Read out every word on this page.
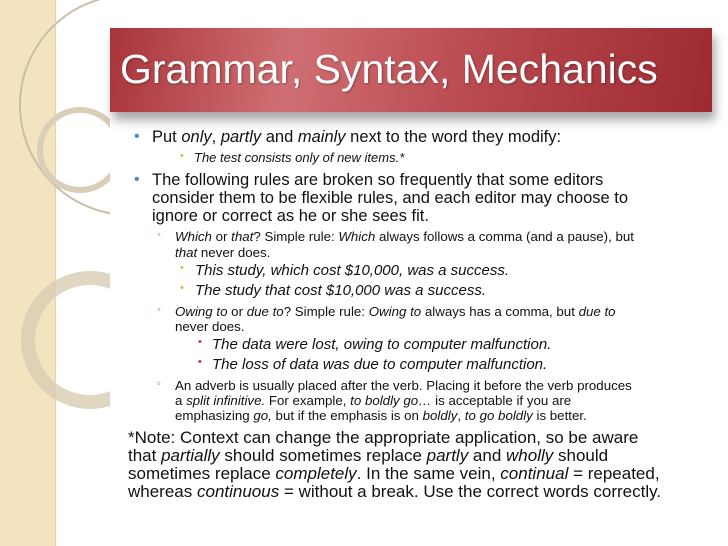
Grammar, Syntax, Mechanics
• Put only, partly and mainly next to the word they modify:
• The test consists only of new items.*
• The following rules are broken so frequently that some editors
consider them to be flexible rules, and each editor may choose to
ignore or correct as he or she sees fit.
◦ Which or that? Simple rule: Which always follows a comma (and a pause), but
that never does.
• This study, which cost $10,000, was a success.
• The study that cost $10,000 was a success.
◦ Owing to or due to? Simple rule: Owing to always has a comma, but due to
never does.
• The data were lost, owing to computer malfunction.
• The loss of data was due to computer malfunction.
◦ An adverb is usually placed after the verb. Placing it before the verb produces
a split infinitive. For example, to boldly go… is acceptable if you are
emphasizing go, but if the emphasis is on boldly, to go boldly is better.
*Note: Context can change the appropriate application, so be aware
that partially should sometimes replace partly and wholly should
sometimes replace completely. In the same vein, continual = repeated,
whereas continuous = without a break. Use the correct words correctly.
